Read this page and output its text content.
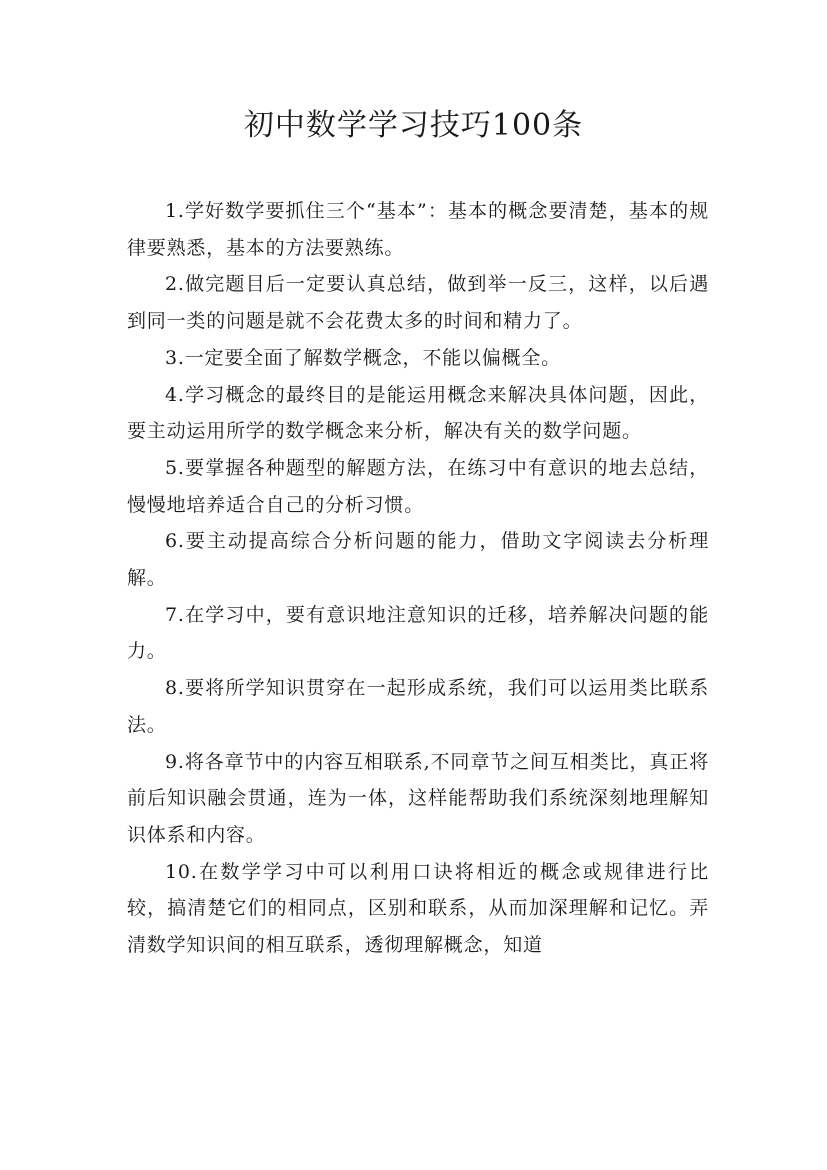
初中数学学习技巧100条

1.学好数学要抓住三个“基本”：基本的概念要清楚，基本的规律要熟悉，基本的方法要熟练。

2.做完题目后一定要认真总结，做到举一反三，这样，以后遇到同一类的问题是就不会花费太多的时间和精力了。

3.一定要全面了解数学概念，不能以偏概全。

4.学习概念的最终目的是能运用概念来解决具体问题，因此，要主动运用所学的数学概念来分析，解决有关的数学问题。

5.要掌握各种题型的解题方法，在练习中有意识的地去总结，慢慢地培养适合自己的分析习惯。

6.要主动提高综合分析问题的能力，借助文字阅读去分析理解。

7.在学习中，要有意识地注意知识的迁移，培养解决问题的能力。

8.要将所学知识贯穿在一起形成系统，我们可以运用类比联系法。

9.将各章节中的内容互相联系,不同章节之间互相类比，真正将前后知识融会贯通，连为一体，这样能帮助我们系统深刻地理解知识体系和内容。

10.在数学学习中可以利用口诀将相近的概念或规律进行比较，搞清楚它们的相同点，区别和联系，从而加深理解和记忆。弄清数学知识间的相互联系，透彻理解概念，知道
